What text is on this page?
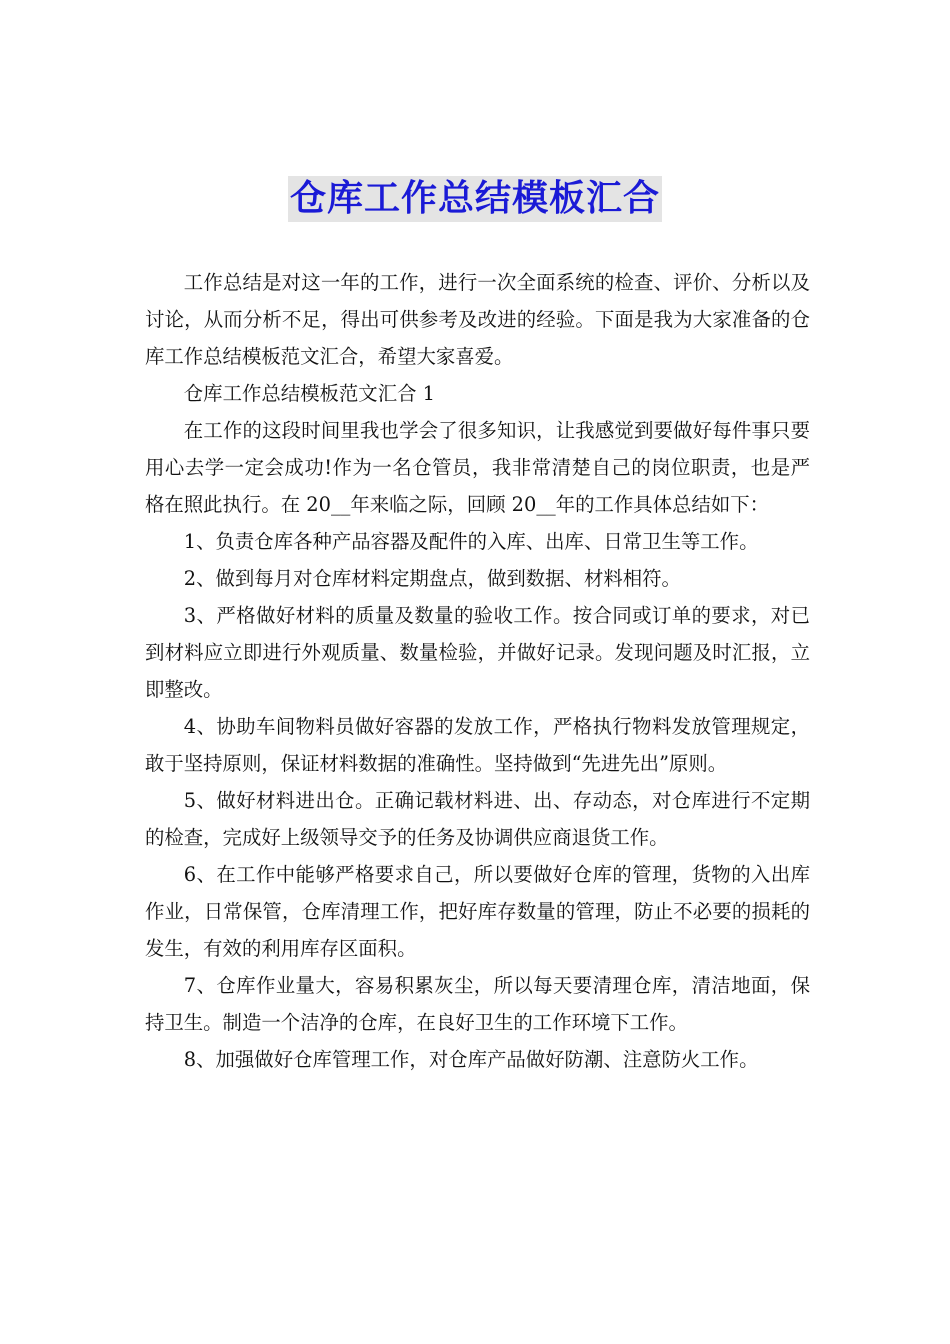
仓库工作总结模板汇合

工作总结是对这一年的工作，进行一次全面系统的检查、评价、分析以及讨论，从而分析不足，得出可供参考及改进的经验。下面是我为大家准备的仓库工作总结模板范文汇合，希望大家喜爱。

仓库工作总结模板范文汇合 1

在工作的这段时间里我也学会了很多知识，让我感觉到要做好每件事只要用心去学一定会成功!作为一名仓管员，我非常清楚自己的岗位职责，也是严格在照此执行。在 20__年来临之际，回顾 20__年的工作具体总结如下：

1、负责仓库各种产品容器及配件的入库、出库、日常卫生等工作。

2、做到每月对仓库材料定期盘点，做到数据、材料相符。

3、严格做好材料的质量及数量的验收工作。按合同或订单的要求，对已到材料应立即进行外观质量、数量检验，并做好记录。发现问题及时汇报，立即整改。

4、协助车间物料员做好容器的发放工作，严格执行物料发放管理规定，敢于坚持原则，保证材料数据的准确性。坚持做到“先进先出”原则。

5、做好材料进出仓。正确记载材料进、出、存动态，对仓库进行不定期的检查，完成好上级领导交予的任务及协调供应商退货工作。

6、在工作中能够严格要求自己，所以要做好仓库的管理，货物的入出库作业，日常保管，仓库清理工作，把好库存数量的管理，防止不必要的损耗的发生，有效的利用库存区面积。

7、仓库作业量大，容易积累灰尘，所以每天要清理仓库，清洁地面，保持卫生。制造一个洁净的仓库，在良好卫生的工作环境下工作。

8、加强做好仓库管理工作，对仓库产品做好防潮、注意防火工作。
